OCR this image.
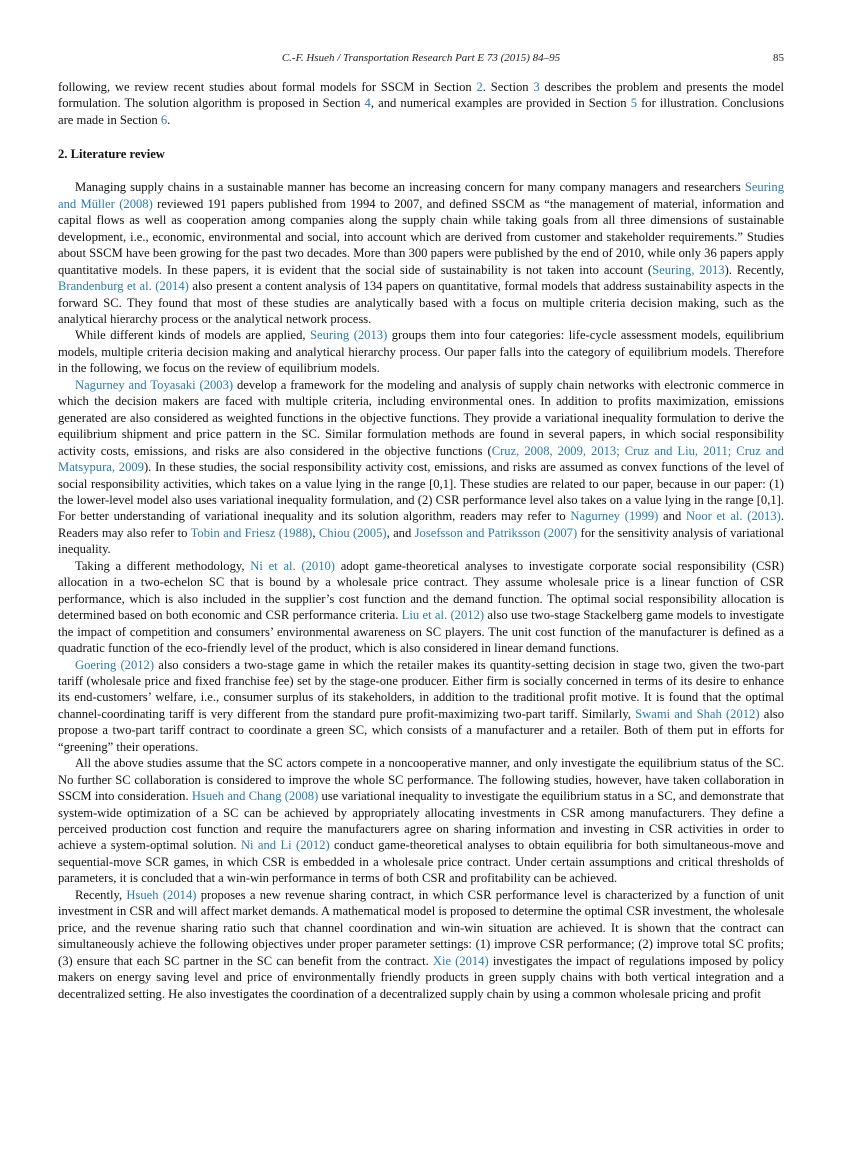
C.-F. Hsueh / Transportation Research Part E 73 (2015) 84–95	85

following, we review recent studies about formal models for SSCM in Section 2. Section 3 describes the problem and presents the model formulation. The solution algorithm is proposed in Section 4, and numerical examples are provided in Section 5 for illustration. Conclusions are made in Section 6.

2. Literature review

Managing supply chains in a sustainable manner has become an increasing concern for many company managers and researchers Seuring and Müller (2008) reviewed 191 papers published from 1994 to 2007, and defined SSCM as “the management of material, information and capital flows as well as cooperation among companies along the supply chain while taking goals from all three dimensions of sustainable development, i.e., economic, environmental and social, into account which are derived from customer and stakeholder requirements.” Studies about SSCM have been growing for the past two decades. More than 300 papers were published by the end of 2010, while only 36 papers apply quantitative models. In these papers, it is evident that the social side of sustainability is not taken into account (Seuring, 2013). Recently, Brandenburg et al. (2014) also present a content analysis of 134 papers on quantitative, formal models that address sustainability aspects in the forward SC. They found that most of these studies are analytically based with a focus on multiple criteria decision making, such as the analytical hierarchy process or the analytical network process.

While different kinds of models are applied, Seuring (2013) groups them into four categories: life-cycle assessment models, equilibrium models, multiple criteria decision making and analytical hierarchy process. Our paper falls into the category of equilibrium models. Therefore in the following, we focus on the review of equilibrium models.

Nagurney and Toyasaki (2003) develop a framework for the modeling and analysis of supply chain networks with electronic commerce in which the decision makers are faced with multiple criteria, including environmental ones. In addition to profits maximization, emissions generated are also considered as weighted functions in the objective functions. They provide a variational inequality formulation to derive the equilibrium shipment and price pattern in the SC. Similar formulation methods are found in several papers, in which social responsibility activity costs, emissions, and risks are also considered in the objective functions (Cruz, 2008, 2009, 2013; Cruz and Liu, 2011; Cruz and Matsypura, 2009). In these studies, the social responsibility activity cost, emissions, and risks are assumed as convex functions of the level of social responsibility activities, which takes on a value lying in the range [0,1]. These studies are related to our paper, because in our paper: (1) the lower-level model also uses variational inequality formulation, and (2) CSR performance level also takes on a value lying in the range [0,1]. For better understanding of variational inequality and its solution algorithm, readers may refer to Nagurney (1999) and Noor et al. (2013). Readers may also refer to Tobin and Friesz (1988), Chiou (2005), and Josefsson and Patriksson (2007) for the sensitivity analysis of variational inequality.

Taking a different methodology, Ni et al. (2010) adopt game-theoretical analyses to investigate corporate social responsibility (CSR) allocation in a two-echelon SC that is bound by a wholesale price contract. They assume wholesale price is a linear function of CSR performance, which is also included in the supplier’s cost function and the demand function. The optimal social responsibility allocation is determined based on both economic and CSR performance criteria. Liu et al. (2012) also use two-stage Stackelberg game models to investigate the impact of competition and consumers’ environmental awareness on SC players. The unit cost function of the manufacturer is defined as a quadratic function of the eco-friendly level of the product, which is also considered in linear demand functions.

Goering (2012) also considers a two-stage game in which the retailer makes its quantity-setting decision in stage two, given the two-part tariff (wholesale price and fixed franchise fee) set by the stage-one producer. Either firm is socially concerned in terms of its desire to enhance its end-customers’ welfare, i.e., consumer surplus of its stakeholders, in addition to the traditional profit motive. It is found that the optimal channel-coordinating tariff is very different from the standard pure profit-maximizing two-part tariff. Similarly, Swami and Shah (2012) also propose a two-part tariff contract to coordinate a green SC, which consists of a manufacturer and a retailer. Both of them put in efforts for “greening” their operations.

All the above studies assume that the SC actors compete in a noncooperative manner, and only investigate the equilibrium status of the SC. No further SC collaboration is considered to improve the whole SC performance. The following studies, however, have taken collaboration in SSCM into consideration. Hsueh and Chang (2008) use variational inequality to investigate the equilibrium status in a SC, and demonstrate that system-wide optimization of a SC can be achieved by appropriately allocating investments in CSR among manufacturers. They define a perceived production cost function and require the manufacturers agree on sharing information and investing in CSR activities in order to achieve a system-optimal solution. Ni and Li (2012) conduct game-theoretical analyses to obtain equilibria for both simultaneous-move and sequential-move SCR games, in which CSR is embedded in a wholesale price contract. Under certain assumptions and critical thresholds of parameters, it is concluded that a win-win performance in terms of both CSR and profitability can be achieved.

Recently, Hsueh (2014) proposes a new revenue sharing contract, in which CSR performance level is characterized by a function of unit investment in CSR and will affect market demands. A mathematical model is proposed to determine the optimal CSR investment, the wholesale price, and the revenue sharing ratio such that channel coordination and win-win situation are achieved. It is shown that the contract can simultaneously achieve the following objectives under proper parameter settings: (1) improve CSR performance; (2) improve total SC profits; (3) ensure that each SC partner in the SC can benefit from the contract. Xie (2014) investigates the impact of regulations imposed by policy makers on energy saving level and price of environmentally friendly products in green supply chains with both vertical integration and a decentralized setting. He also investigates the coordination of a decentralized supply chain by using a common wholesale pricing and profit
